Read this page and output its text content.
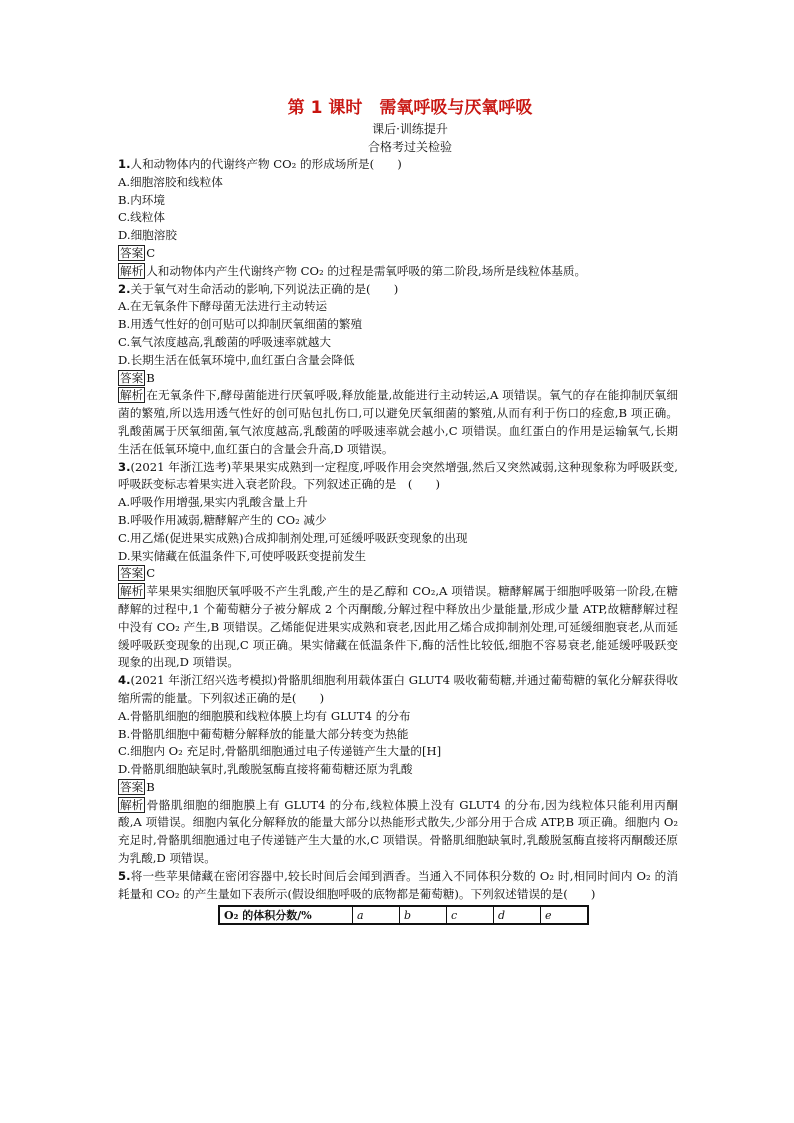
第 1 课时　需氧呼吸与厌氧呼吸
课后·训练提升
合格考过关检验
1.人和动物体内的代谢终产物 CO₂ 的形成场所是(　　)
A.细胞溶胶和线粒体
B.内环境
C.线粒体
D.细胞溶胶
答案 C

解析 人和动物体内产生代谢终产物 CO₂ 的过程是需氧呼吸的第二阶段,场所是线粒体基质。

2.关于氧气对生命活动的影响,下列说法正确的是(　　)
A.在无氧条件下酵母菌无法进行主动转运
B.用透气性好的创可贴可以抑制厌氧细菌的繁殖
C.氧气浓度越高,乳酸菌的呼吸速率就越大
D.长期生活在低氧环境中,血红蛋白含量会降低
答案 B

解析 在无氧条件下,酵母菌能进行厌氧呼吸,释放能量,故能进行主动转运,A 项错误。氧气的存在能抑制厌氧细菌的繁殖,所以选用透气性好的创可贴包扎伤口,可以避免厌氧细菌的繁殖,从而有利于伤口的痊愈,B 项正确。乳酸菌属于厌氧细菌,氧气浓度越高,乳酸菌的呼吸速率就会越小,C 项错误。血红蛋白的作用是运输氧气,长期生活在低氧环境中,血红蛋白的含量会升高,D 项错误。

3.(2021 年浙江选考)苹果果实成熟到一定程度,呼吸作用会突然增强,然后又突然减弱,这种现象称为呼吸跃变,呼吸跃变标志着果实进入衰老阶段。下列叙述正确的是　(　　)

A.呼吸作用增强,果实内乳酸含量上升
B.呼吸作用减弱,糖酵解产生的 CO₂ 减少
C.用乙烯(促进果实成熟)合成抑制剂处理,可延缓呼吸跃变现象的出现
D.果实储藏在低温条件下,可使呼吸跃变提前发生
答案 C

解析 苹果果实细胞厌氧呼吸不产生乳酸,产生的是乙醇和 CO₂,A 项错误。糖酵解属于细胞呼吸第一阶段,在糖酵解的过程中,1 个葡萄糖分子被分解成 2 个丙酮酸,分解过程中释放出少量能量,形成少量 ATP,故糖酵解过程中没有 CO₂ 产生,B 项错误。乙烯能促进果实成熟和衰老,因此用乙烯合成抑制剂处理,可延缓细胞衰老,从而延缓呼吸跃变现象的出现,C 项正确。果实储藏在低温条件下,酶的活性比较低,细胞不容易衰老,能延缓呼吸跃变现象的出现,D 项错误。

4.(2021 年浙江绍兴选考模拟)骨骼肌细胞利用载体蛋白 GLUT4 吸收葡萄糖,并通过葡萄糖的氧化分解获得收缩所需的能量。下列叙述正确的是(　　)

A.骨骼肌细胞的细胞膜和线粒体膜上均有 GLUT4 的分布
B.骨骼肌细胞中葡萄糖分解释放的能量大部分转变为热能
C.细胞内 O₂ 充足时,骨骼肌细胞通过电子传递链产生大量的[H]
D.骨骼肌细胞缺氧时,乳酸脱氢酶直接将葡萄糖还原为乳酸
答案 B

解析 骨骼肌细胞的细胞膜上有 GLUT4 的分布,线粒体膜上没有 GLUT4 的分布,因为线粒体只能利用丙酮酸,A 项错误。细胞内氧化分解释放的能量大部分以热能形式散失,少部分用于合成 ATP,B 项正确。细胞内 O₂ 充足时,骨骼肌细胞通过电子传递链产生大量的水,C 项错误。骨骼肌细胞缺氧时,乳酸脱氢酶直接将丙酮酸还原为乳酸,D 项错误。

5.将一些苹果储藏在密闭容器中,较长时间后会闻到酒香。当通入不同体积分数的 O₂ 时,相同时间内 O₂ 的消耗量和 CO₂ 的产生量如下表所示(假设细胞呼吸的底物都是葡萄糖)。下列叙述错误的是(　　)

O₂ 的体积分数/%	a	b	c	d	e
